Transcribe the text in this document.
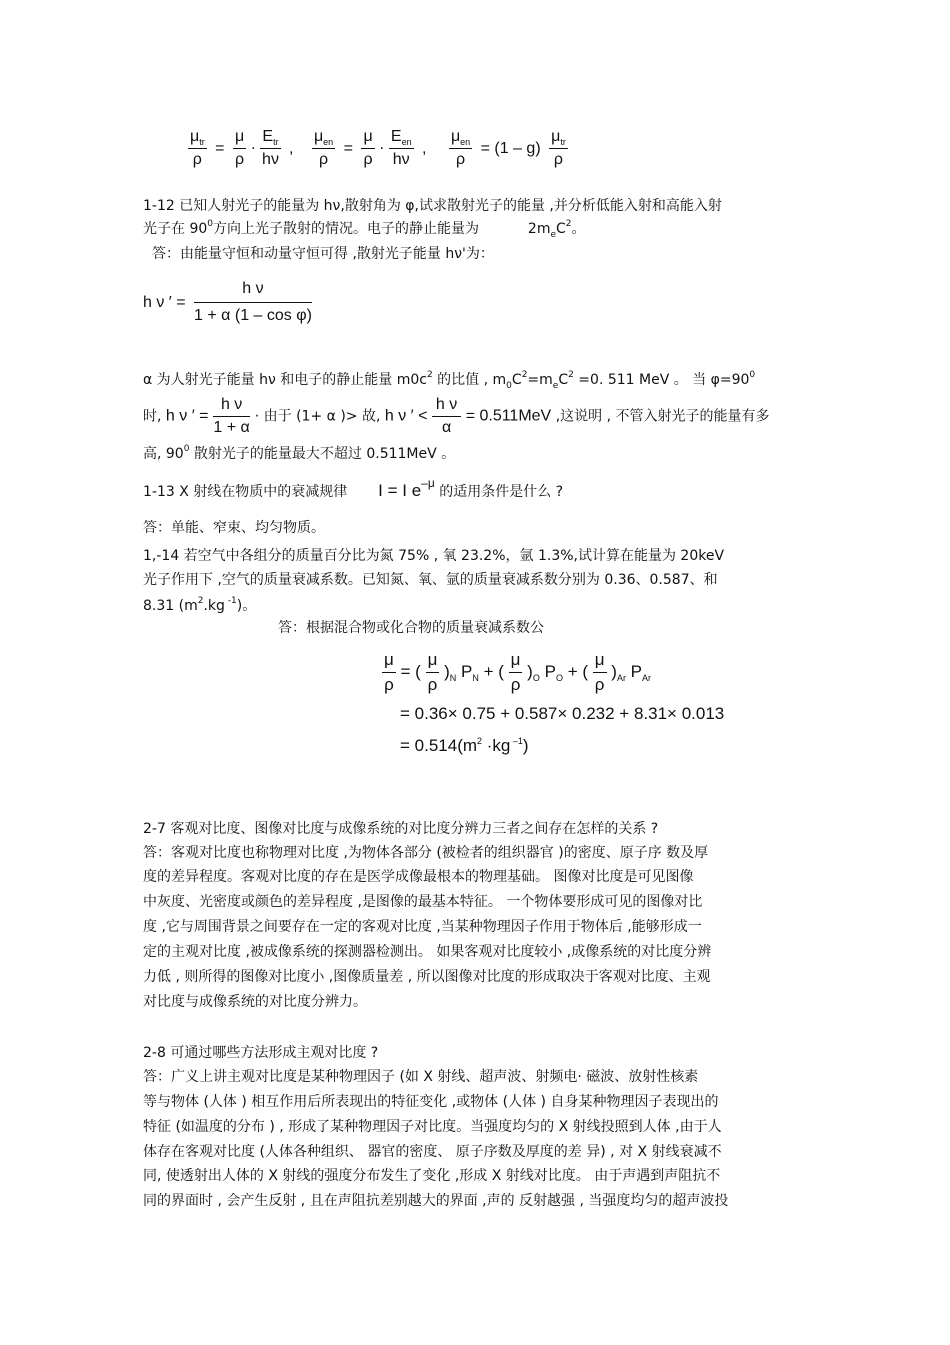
$\frac{\mu_{tr}}{\rho} = \frac{\mu}{\rho} \cdot \frac{E_{tr}}{h\nu}$ , $\frac{\mu_{en}}{\rho} = \frac{\mu}{\rho} \cdot \frac{E_{en}}{h\nu}$ , $\frac{\mu_{en}}{\rho} = (1 - g) \frac{\mu_{tr}}{\rho}$
1-12 已知人射光子的能量为 hν,散射角为 φ,试求散射光子的能量 ,并分析低能入射和高能入射
光子在 $90^0$方向上光子散射的情况。电子的静止能量为	$2m_eC^2$。
答：由能量守恒和动量守恒可得 ,散射光子能量 hν'为：
h ν ′ = $\frac{\text{h ν}}{\text{1 + α (1 – cos φ)}}$
α 为人射光子能量 hν 和电子的静止能量 $m0c^2$ 的比值 , $m_0C^2=m_eC^2 =0$. 511 MeV 。 当 $\varphi=90^0$
时, h ν ′ = $\frac{\text{h ν}}{1 + \alpha}$ · 由于 (1+ α )> 故, h ν ′ < $\frac{\text{h ν}}{\alpha} = 0.511MeV$ ,这说明 , 不管入射光子的能量有多
高, $90^0$ 散射光子的能量最大不超过 0.511MeV 。
1-13 X 射线在物质中的衰减规律 I = I e–μ 的适用条件是什么 ?
答：单能、窄束、均匀物质。
1,-14 若空气中各组分的质量百分比为氮 75% , 氧 23.2%，氩 1.3%,试计算在能量为 20keV
光子作用下 ,空气的质量衰减系数。已知氮、氧、氩的质量衰减系数分别为 0.36、0.587、和
8.31 ($m^2.kg$ $^{-1}$)。
答：根据混合物或化合物的质量衰减系数公
$\frac{\mu}{\rho}$ = ( $\frac{\mu}{\rho} )_N$ $P_N$ + ( $\frac{\mu}{\rho} )_O$ $P_O$ + ( $\frac{\mu}{\rho} )_{Ar}$ $P_{Ar}$
= 0.36× 0.75 + 0.587× 0.232 + 8.31× 0.013
= $0.514(m^2 \cdot kg$ $^{-1}$)
2-7 客观对比度、图像对比度与成像系统的对比度分辨力三者之间存在怎样的关系 ?
答：客观对比度也称物理对比度 ,为物体各部分 (被检者的组织器官 )的密度、原子序 数及厚
度的差异程度。客观对比度的存在是医学成像最根本的物理基础。 图像对比度是可见图像
中灰度、光密度或颜色的差异程度 ,是图像的最基本特征。 一个物体要形成可见的图像对比
度 ,它与周围背景之间要存在一定的客观对比度 ,当某种物理因子作用于物体后 ,能够形成一
定的主观对比度 ,被成像系统的探测器检测出。 如果客观对比度较小 ,成像系统的对比度分辨
力低 , 则所得的图像对比度小 ,图像质量差 , 所以图像对比度的形成取决于客观对比度、主观
对比度与成像系统的对比度分辨力。
2-8 可通过哪些方法形成主观对比度 ?
答：广义上讲主观对比度是某种物理因子 (如 X 射线、超声波、射频电· 磁波、放射性核素
等与物体 (人体 ) 相互作用后所表现出的特征变化 ,或物体 (人体 ) 自身某种物理因子表现出的
特征 (如温度的分布 ) , 形成了某种物理因子对比度。当强度均匀的 X 射线投照到人体 ,由于人
体存在客观对比度 (人体各种组织、 器官的密度、 原子序数及厚度的差 异) , 对 X 射线衰减不
同, 使透射出人体的 X 射线的强度分布发生了变化 ,形成 X 射线对比度。 由于声遇到声阻抗不
同的界面时 , 会产生反射 , 且在声阻抗差别越大的界面 ,声的 反射越强 , 当强度均匀的超声波投
